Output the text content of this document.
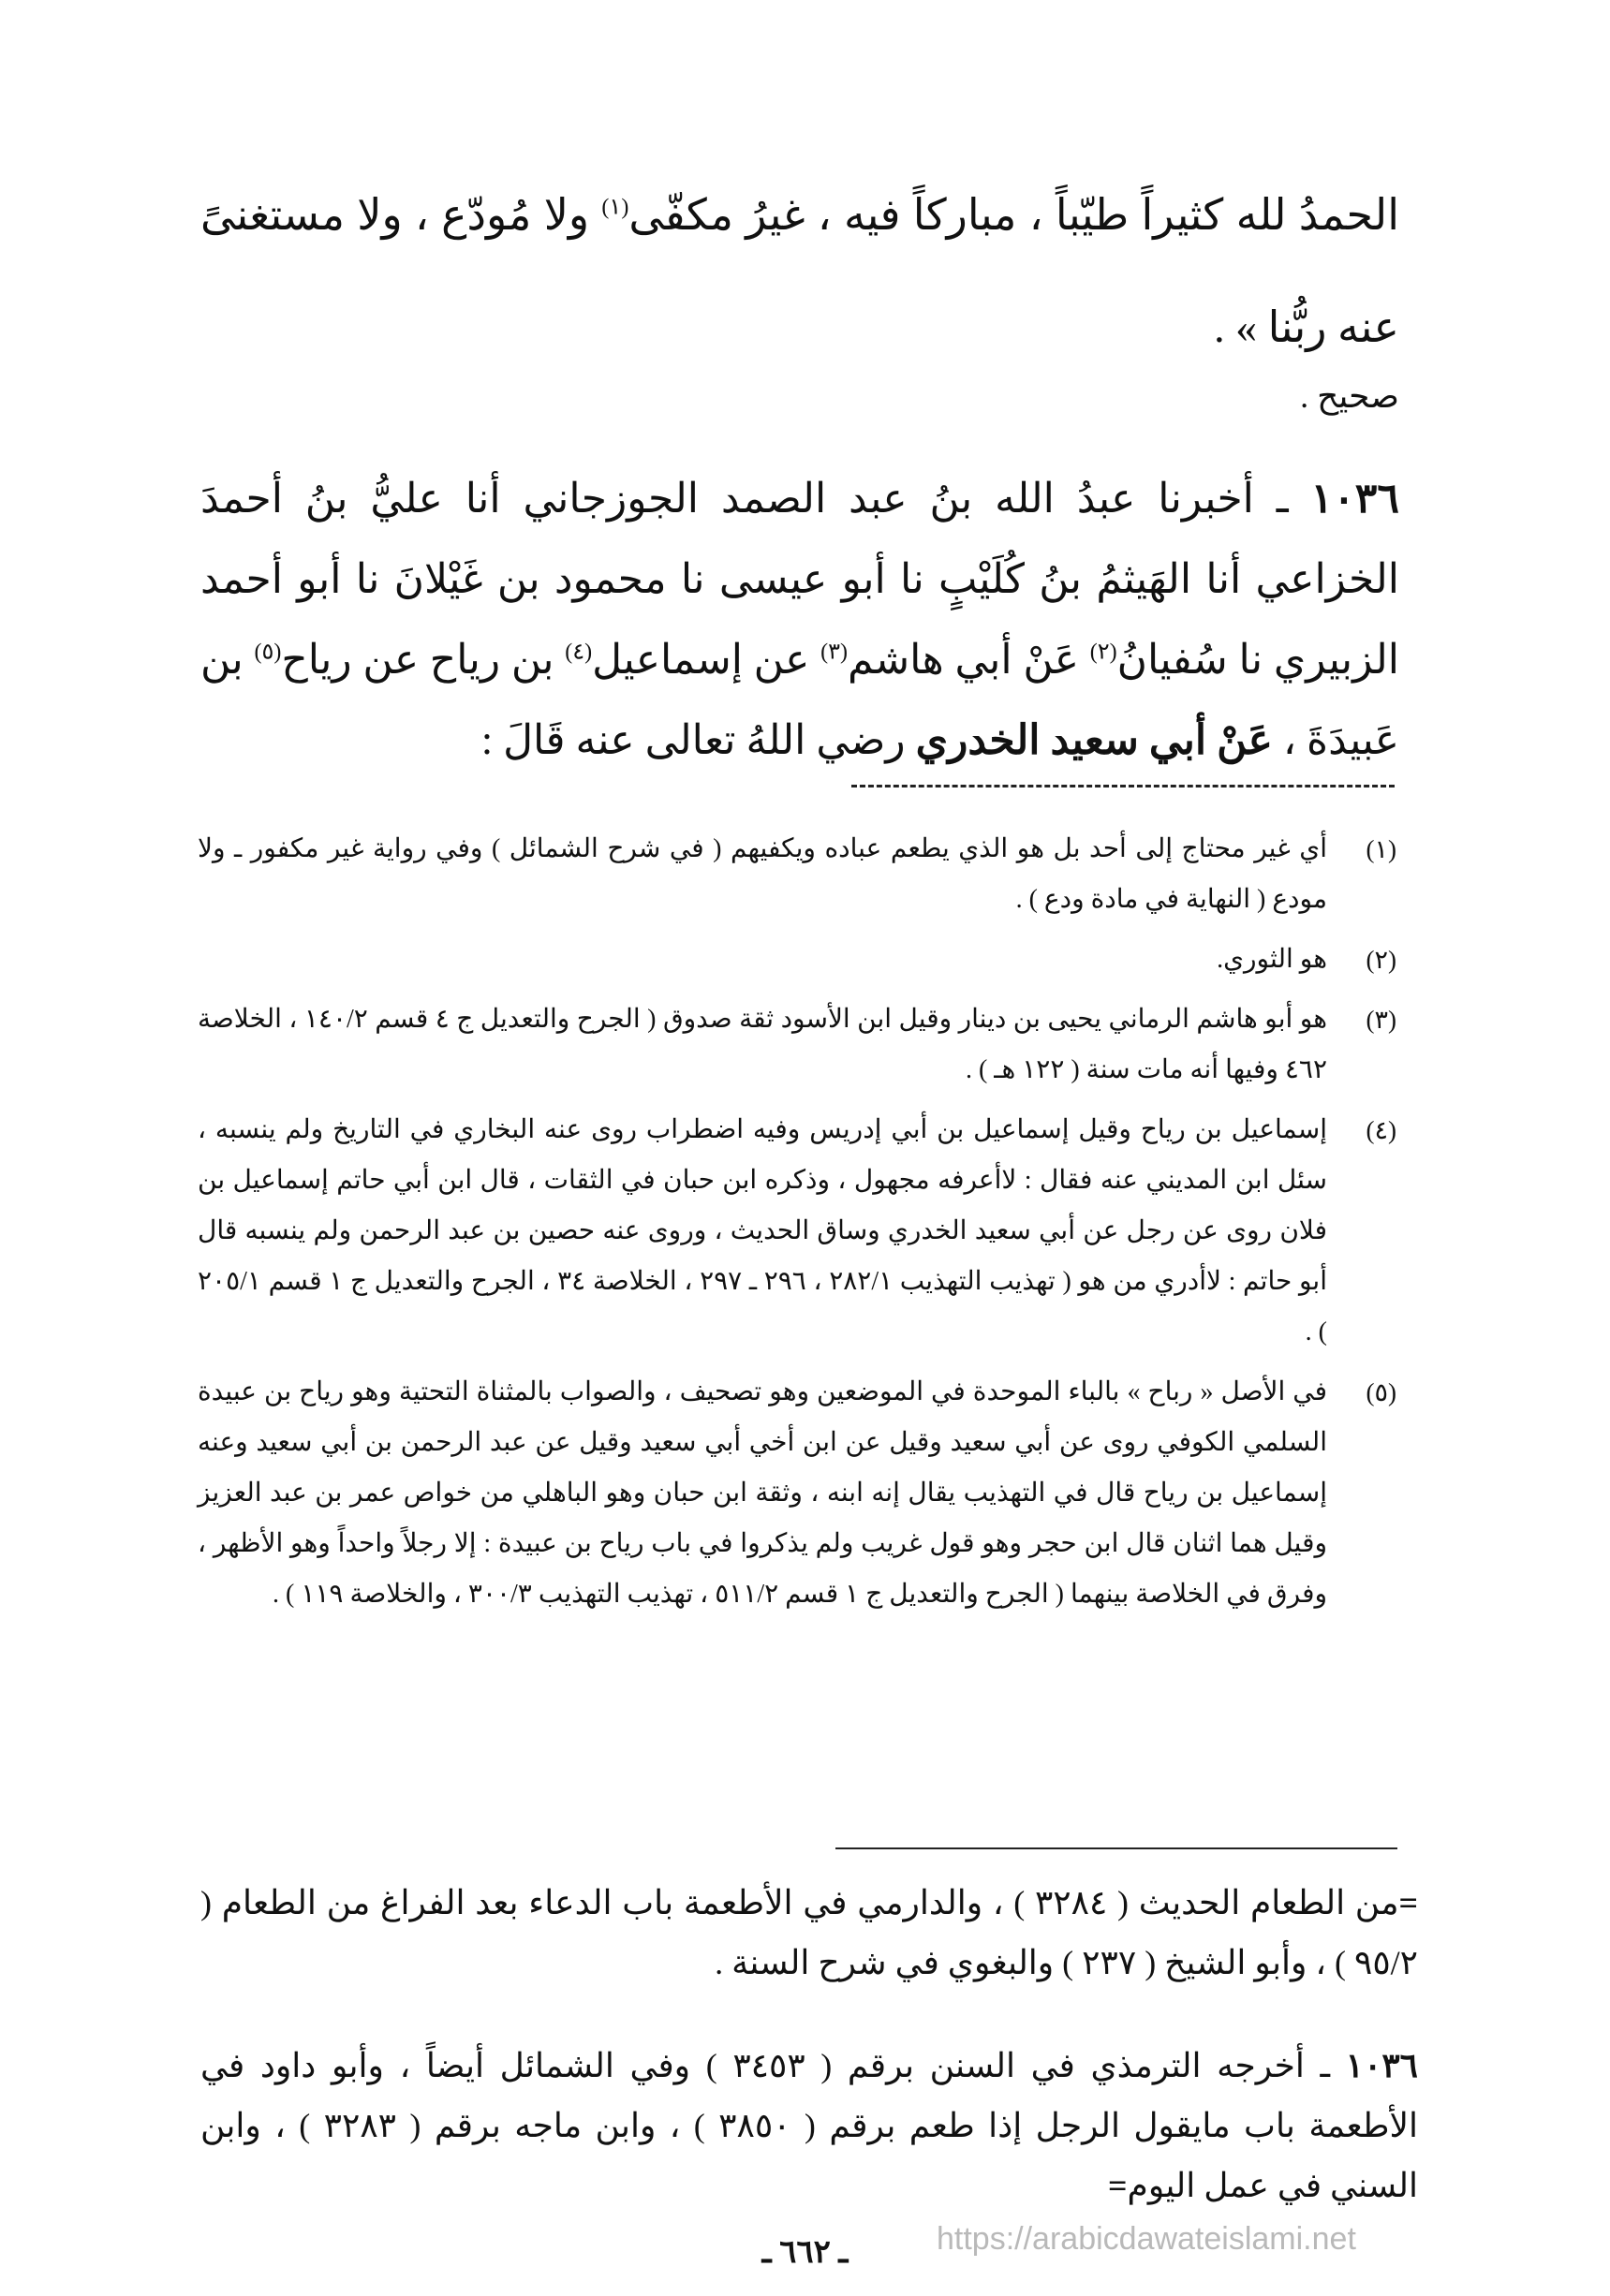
الحمدُ لله كثيراً طيّباً ، مباركاً فيه ، غيرُ مكفّى$^{(١)}$ ولا مُودّع ، ولا مستغنىً عنه ربُّنا » .
صحيح .
١٠٣٦ ـ أخبرنا عبدُ الله بنُ عبد الصمد الجوزجاني أنا عليُّ بنُ أحمدَ الخزاعي أنا الهَيثمُ بنُ كُلَيْبٍ نا أبو عيسى نا محمود بن غَيْلانَ نا أبو أحمد الزبيري نا سُفيانُ$^{(٢)}$ عَنْ أبي هاشم$^{(٣)}$ عن إسماعيل$^{(٤)}$ بن رياح عن رياح$^{(٥)}$ بن عَبيدَةَ ، عَنْ أبي سعيد الخدري رضي اللهُ تعالى عنه قَالَ :
(١)
أي غير محتاج إلى أحد بل هو الذي يطعم عباده ويكفيهم ( في شرح الشمائل ) وفي رواية غير مكفور ـ ولا مودع ( النهاية في مادة ودع ) .
(٢)
هو الثوري.
(٣)
هو أبو هاشم الرماني يحيى بن دينار وقيل ابن الأسود ثقة صدوق ( الجرح والتعديل ج ٤ قسم ١٤٠/٢ ، الخلاصة ٤٦٢ وفيها أنه مات سنة ( ١٢٢ هـ ) .
(٤)
إسماعيل بن رياح وقيل إسماعيل بن أبي إدريس وفيه اضطراب روى عنه البخاري في التاريخ ولم ينسبه ، سئل ابن المديني عنه فقال : لاأعرفه مجهول ، وذكره ابن حبان في الثقات ، قال ابن أبي حاتم إسماعيل بن فلان روى عن رجل عن أبي سعيد الخدري وساق الحديث ، وروى عنه حصين بن عبد الرحمن ولم ينسبه قال أبو حاتم : لاأدري من هو ( تهذيب التهذيب ٢٨٢/١ ، ٢٩٦ ـ ٢٩٧ ، الخلاصة ٣٤ ، الجرح والتعديل ج ١ قسم ٢٠٥/١ ) .
(٥)
في الأصل « رباح » بالباء الموحدة في الموضعين وهو تصحيف ، والصواب بالمثناة التحتية وهو رياح بن عبيدة السلمي الكوفي روى عن أبي سعيد وقيل عن ابن أخي أبي سعيد وقيل عن عبد الرحمن بن أبي سعيد وعنه إسماعيل بن رياح قال في التهذيب يقال إنه ابنه ، وثقة ابن حبان وهو الباهلي من خواص عمر بن عبد العزيز وقيل هما اثنان قال ابن حجر وهو قول غريب ولم يذكروا في باب رياح بن عبيدة : إلا رجلاً واحداً وهو الأظهر ، وفرق في الخلاصة بينهما ( الجرح والتعديل ج ١ قسم ٥١١/٢ ، تهذيب التهذيب ٣٠٠/٣ ، والخلاصة ١١٩ ) .
=من الطعام الحديث ( ٣٢٨٤ ) ، والدارمي في الأطعمة باب الدعاء بعد الفراغ من الطعام ( ٩٥/٢ ) ، وأبو الشيخ ( ٢٣٧ ) والبغوي في شرح السنة .
١٠٣٦ ـ أخرجه الترمذي في السنن برقم ( ٣٤٥٣ ) وفي الشمائل أيضاً ، وأبو داود في الأطعمة باب مايقول الرجل إذا طعم برقم ( ٣٨٥٠ ) ، وابن ماجه برقم ( ٣٢٨٣ ) ، وابن السني في عمل اليوم=
ـ ٦٦٢ ـ	https://arabicdawateislami.net
